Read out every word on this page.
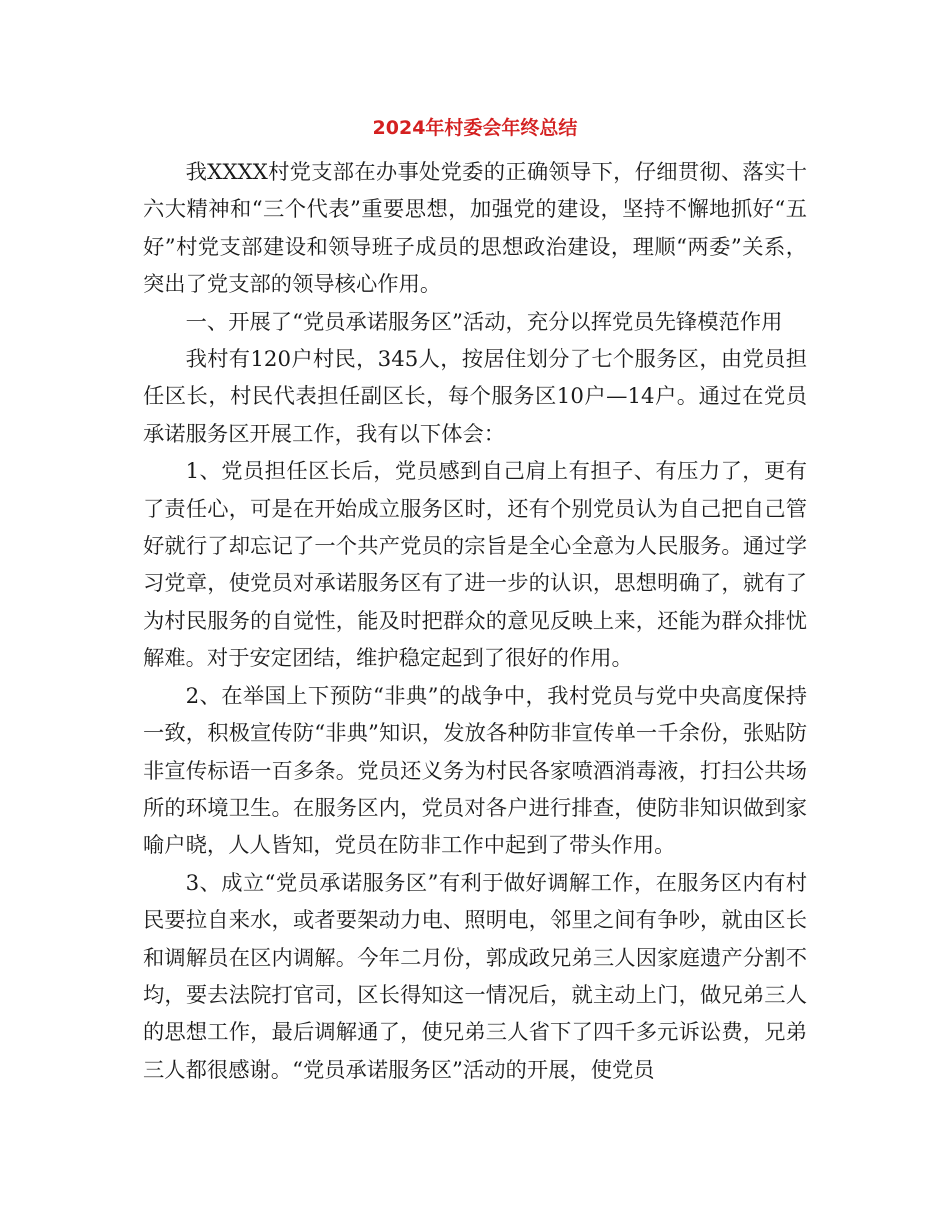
2024年村委会年终总结

我XXXX村党支部在办事处党委的正确领导下，仔细贯彻、落实十六大精神和“三个代表”重要思想，加强党的建设，坚持不懈地抓好“五好”村党支部建设和领导班子成员的思想政治建设，理顺“两委”关系，突出了党支部的领导核心作用。

一、开展了“党员承诺服务区”活动，充分以挥党员先锋模范作用

我村有120户村民，345人，按居住划分了七个服务区，由党员担任区长，村民代表担任副区长，每个服务区10户—14户。通过在党员承诺服务区开展工作，我有以下体会：

1、党员担任区长后，党员感到自己肩上有担子、有压力了，更有了责任心，可是在开始成立服务区时，还有个别党员认为自己把自己管好就行了却忘记了一个共产党员的宗旨是全心全意为人民服务。通过学习党章，使党员对承诺服务区有了进一步的认识，思想明确了，就有了为村民服务的自觉性，能及时把群众的意见反映上来，还能为群众排忧解难。对于安定团结，维护稳定起到了很好的作用。

2、在举国上下预防“非典”的战争中，我村党员与党中央高度保持一致，积极宣传防“非典”知识，发放各种防非宣传单一千余份，张贴防非宣传标语一百多条。党员还义务为村民各家喷酒消毒液，打扫公共场所的环境卫生。在服务区内，党员对各户进行排查，使防非知识做到家喻户晓，人人皆知，党员在防非工作中起到了带头作用。

3、成立“党员承诺服务区”有利于做好调解工作，在服务区内有村民要拉自来水，或者要架动力电、照明电，邻里之间有争吵，就由区长和调解员在区内调解。今年二月份，郭成政兄弟三人因家庭遗产分割不均，要去法院打官司，区长得知这一情况后，就主动上门，做兄弟三人的思想工作，最后调解通了，使兄弟三人省下了四千多元诉讼费，兄弟三人都很感谢。“党员承诺服务区”活动的开展，使党员
